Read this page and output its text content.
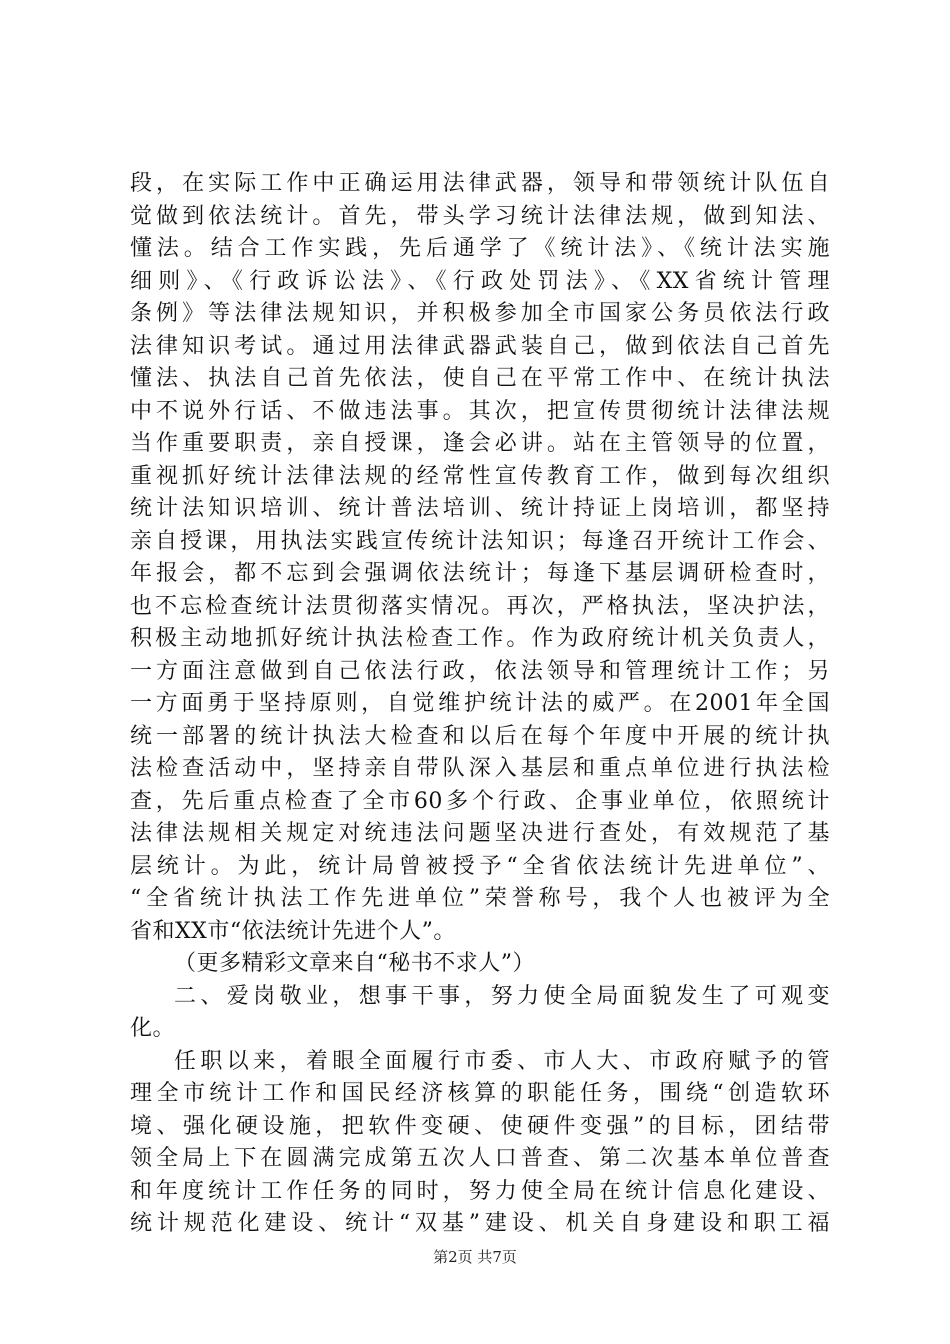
段，在实际工作中正确运用法律武器，领导和带领统计队伍自
觉做到依法统计。首先，带头学习统计法律法规，做到知法、
懂法。结合工作实践，先后通学了《统计法》、《统计法实施
细则》、《行政诉讼法》、《行政处罚法》、《XX省统计管理
条例》等法律法规知识，并积极参加全市国家公务员依法行政
法律知识考试。通过用法律武器武装自己，做到依法自己首先
懂法、执法自己首先依法，使自己在平常工作中、在统计执法
中不说外行话、不做违法事。其次，把宣传贯彻统计法律法规
当作重要职责，亲自授课，逢会必讲。站在主管领导的位置，
重视抓好统计法律法规的经常性宣传教育工作，做到每次组织
统计法知识培训、统计普法培训、统计持证上岗培训，都坚持
亲自授课，用执法实践宣传统计法知识；每逢召开统计工作会、
年报会，都不忘到会强调依法统计；每逢下基层调研检查时，
也不忘检查统计法贯彻落实情况。再次，严格执法，坚决护法，
积极主动地抓好统计执法检查工作。作为政府统计机关负责人，
一方面注意做到自己依法行政，依法领导和管理统计工作；另
一方面勇于坚持原则，自觉维护统计法的威严。在2001年全国
统一部署的统计执法大检查和以后在每个年度中开展的统计执
法检查活动中，坚持亲自带队深入基层和重点单位进行执法检
查，先后重点检查了全市60多个行政、企事业单位，依照统计
法律法规相关规定对统违法问题坚决进行查处，有效规范了基
层统计。为此，统计局曾被授予“全省依法统计先进单位”、
“全省统计执法工作先进单位”荣誉称号，我个人也被评为全
省和XX市“依法统计先进个人”。
（更多精彩文章来自“秘书不求人”）
二、爱岗敬业，想事干事，努力使全局面貌发生了可观变
化。
任职以来，着眼全面履行市委、市人大、市政府赋予的管
理全市统计工作和国民经济核算的职能任务，围绕“创造软环
境、强化硬设施，把软件变硬、使硬件变强”的目标，团结带
领全局上下在圆满完成第五次人口普查、第二次基本单位普查
和年度统计工作任务的同时，努力使全局在统计信息化建设、
统计规范化建设、统计“双基”建设、机关自身建设和职工福
第2页 共7页
